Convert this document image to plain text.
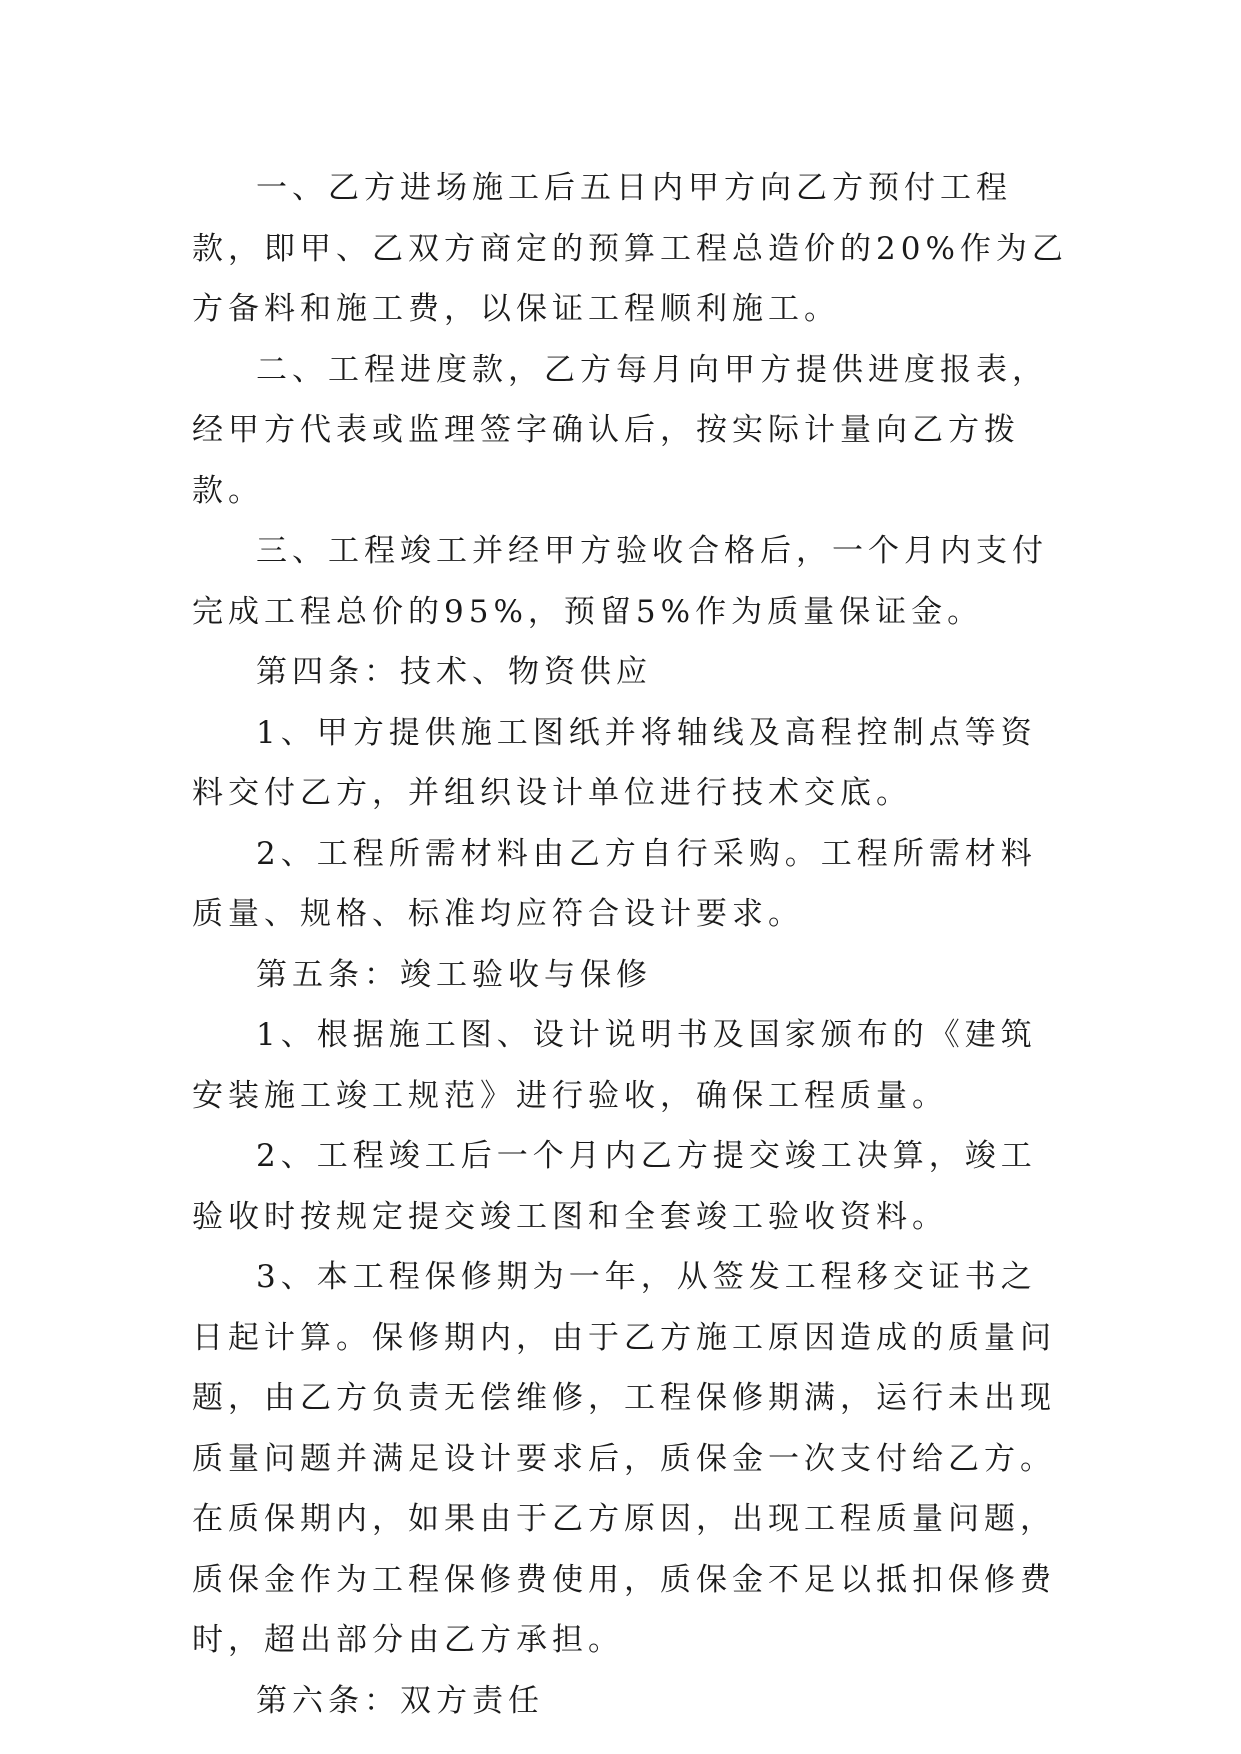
一、乙方进场施工后五日内甲方向乙方预付工程款，即甲、乙双方商定的预算工程总造价的20%作为乙方备料和施工费，以保证工程顺利施工。

二、工程进度款，乙方每月向甲方提供进度报表，经甲方代表或监理签字确认后，按实际计量向乙方拨款。

三、工程竣工并经甲方验收合格后，一个月内支付完成工程总价的95%，预留5%作为质量保证金。

第四条：技术、物资供应

1、甲方提供施工图纸并将轴线及高程控制点等资料交付乙方，并组织设计单位进行技术交底。

2、工程所需材料由乙方自行采购。工程所需材料质量、规格、标准均应符合设计要求。

第五条：竣工验收与保修

1、根据施工图、设计说明书及国家颁布的《建筑安装施工竣工规范》进行验收，确保工程质量。

2、工程竣工后一个月内乙方提交竣工决算，竣工验收时按规定提交竣工图和全套竣工验收资料。

3、本工程保修期为一年，从签发工程移交证书之日起计算。保修期内，由于乙方施工原因造成的质量问题，由乙方负责无偿维修，工程保修期满，运行未出现质量问题并满足设计要求后，质保金一次支付给乙方。在质保期内，如果由于乙方原因，出现工程质量问题，质保金作为工程保修费使用，质保金不足以抵扣保修费时，超出部分由乙方承担。

第六条：双方责任
